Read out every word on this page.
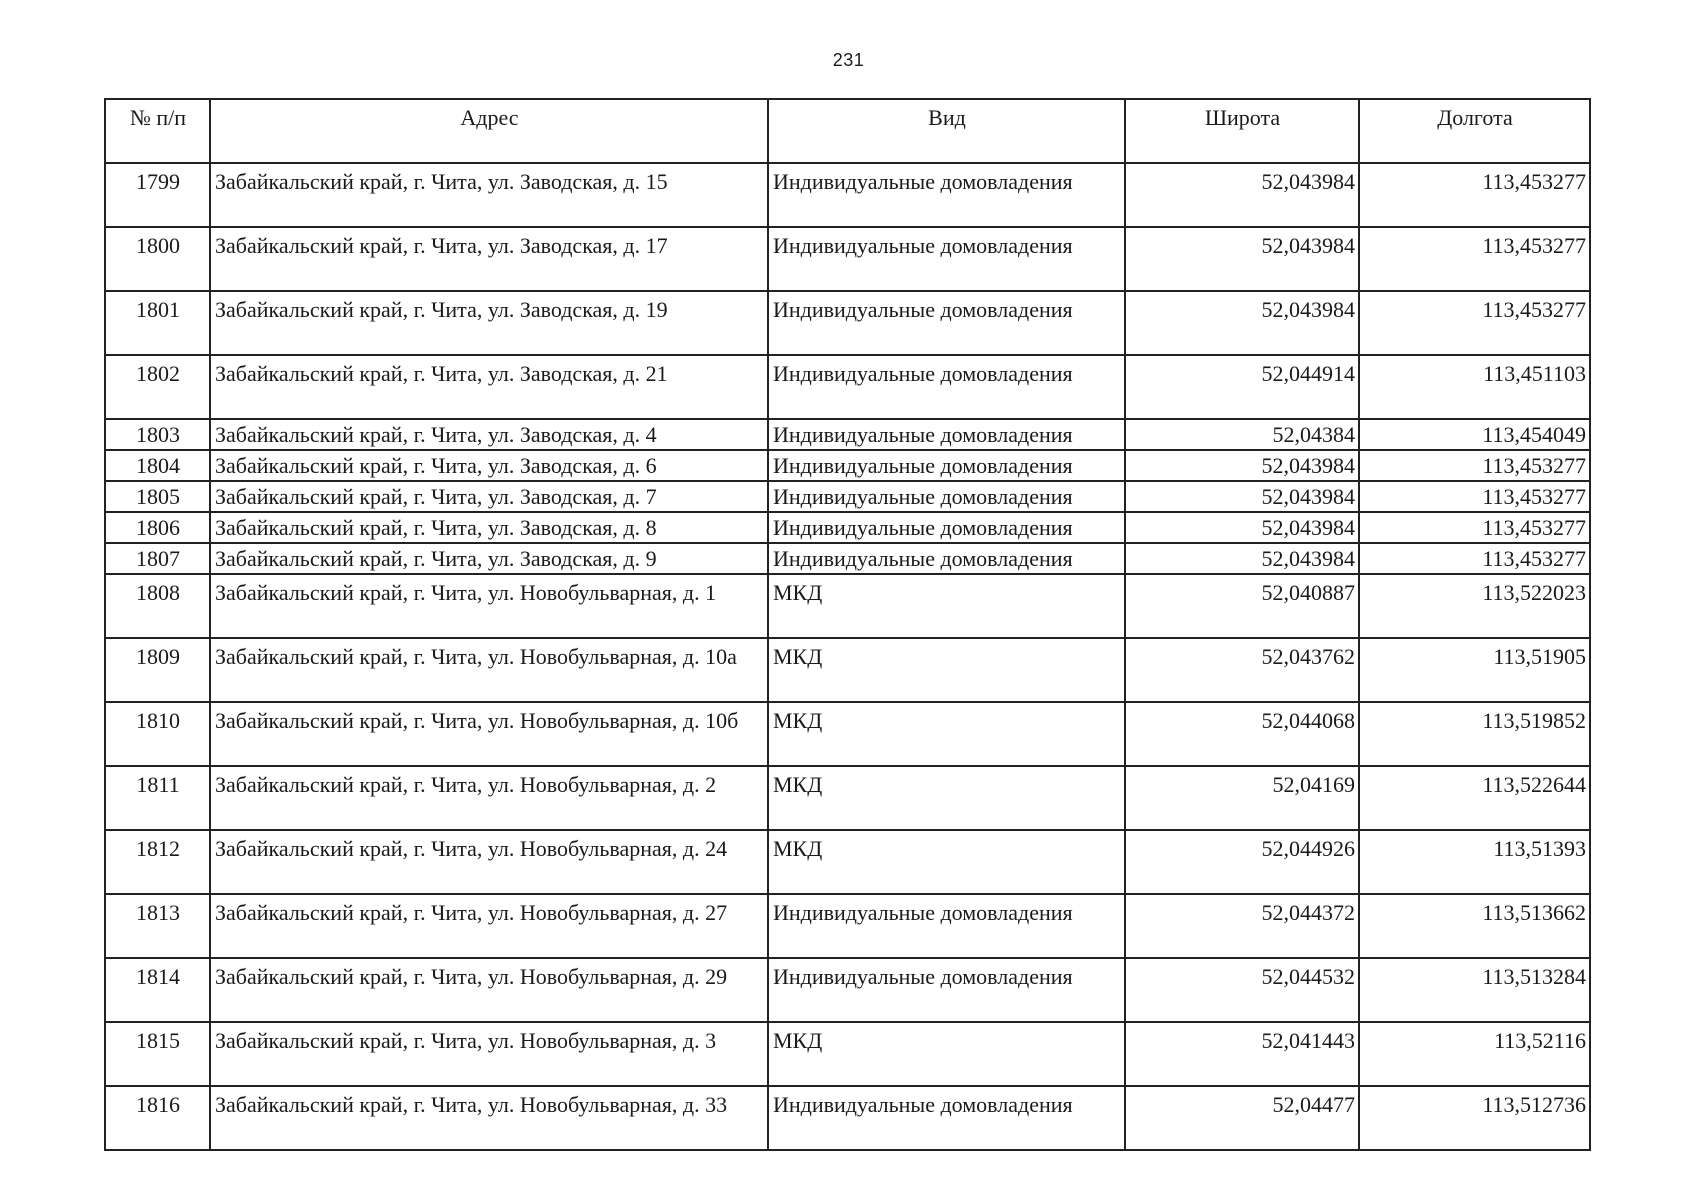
231
№ п/п	Адрес	Вид	Широта	Долгота
1799	Забайкальский край, г. Чита, ул. Заводская, д. 15	Индивидуальные домовладения	52,043984	113,453277
1800	Забайкальский край, г. Чита, ул. Заводская, д. 17	Индивидуальные домовладения	52,043984	113,453277
1801	Забайкальский край, г. Чита, ул. Заводская, д. 19	Индивидуальные домовладения	52,043984	113,453277
1802	Забайкальский край, г. Чита, ул. Заводская, д. 21	Индивидуальные домовладения	52,044914	113,451103
1803	Забайкальский край, г. Чита, ул. Заводская, д. 4	Индивидуальные домовладения	52,04384	113,454049
1804	Забайкальский край, г. Чита, ул. Заводская, д. 6	Индивидуальные домовладения	52,043984	113,453277
1805	Забайкальский край, г. Чита, ул. Заводская, д. 7	Индивидуальные домовладения	52,043984	113,453277
1806	Забайкальский край, г. Чита, ул. Заводская, д. 8	Индивидуальные домовладения	52,043984	113,453277
1807	Забайкальский край, г. Чита, ул. Заводская, д. 9	Индивидуальные домовладения	52,043984	113,453277
1808	Забайкальский край, г. Чита, ул. Новобульварная, д. 1	МКД	52,040887	113,522023
1809	Забайкальский край, г. Чита, ул. Новобульварная, д. 10а	МКД	52,043762	113,51905
1810	Забайкальский край, г. Чита, ул. Новобульварная, д. 10б	МКД	52,044068	113,519852
1811	Забайкальский край, г. Чита, ул. Новобульварная, д. 2	МКД	52,04169	113,522644
1812	Забайкальский край, г. Чита, ул. Новобульварная, д. 24	МКД	52,044926	113,51393
1813	Забайкальский край, г. Чита, ул. Новобульварная, д. 27	Индивидуальные домовладения	52,044372	113,513662
1814	Забайкальский край, г. Чита, ул. Новобульварная, д. 29	Индивидуальные домовладения	52,044532	113,513284
1815	Забайкальский край, г. Чита, ул. Новобульварная, д. 3	МКД	52,041443	113,52116
1816	Забайкальский край, г. Чита, ул. Новобульварная, д. 33	Индивидуальные домовладения	52,04477	113,512736
